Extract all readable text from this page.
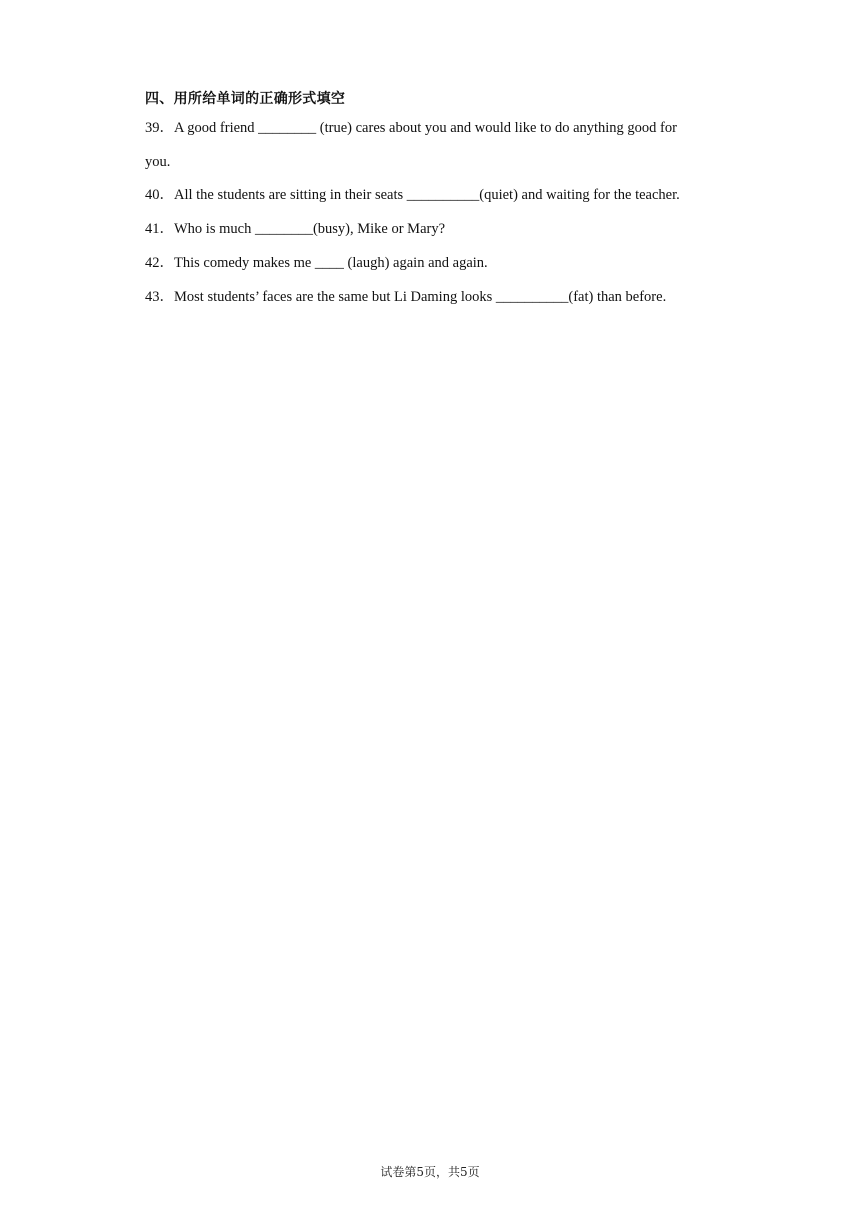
四、用所给单词的正确形式填空
39．A good friend ________ (true) cares about you and would like to do anything good for
you.
40．All the students are sitting in their seats __________(quiet) and waiting for the teacher.
41．Who is much ________(busy), Mike or Mary?
42．This comedy makes me ____ (laugh) again and again.
43．Most students’ faces are the same but Li Daming looks __________(fat) than before.
试卷第5页，共5页
